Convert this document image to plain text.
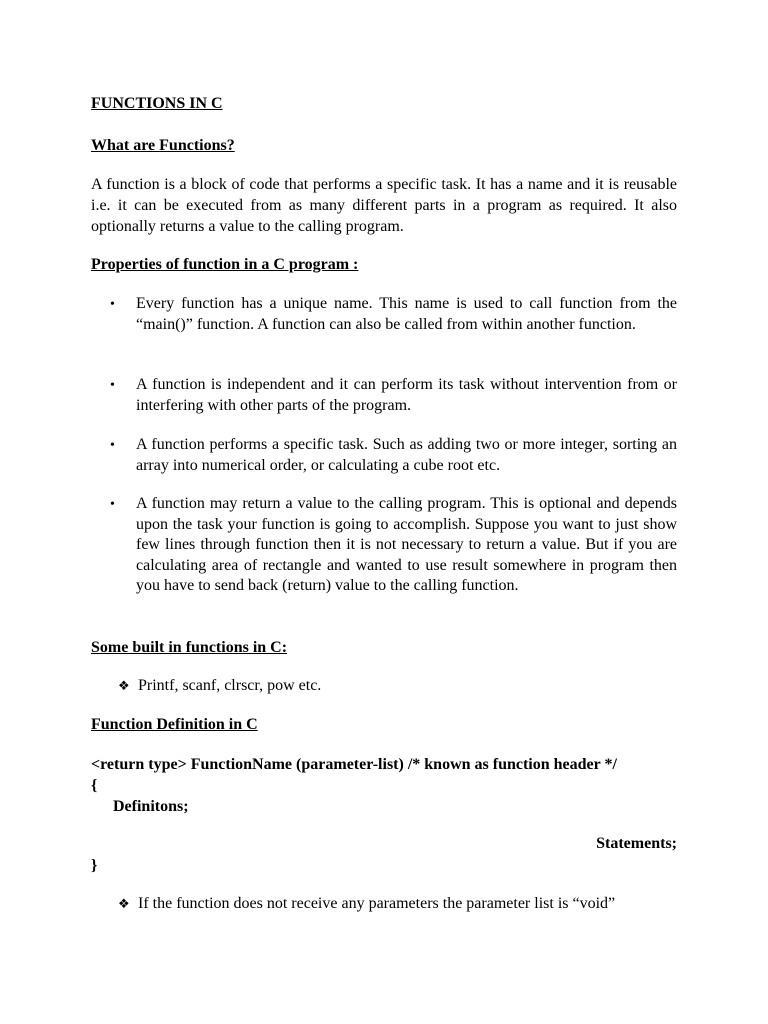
FUNCTIONS IN C
What are Functions?
A function is a block of code that performs a specific task. It has a name and it is reusable i.e. it can be executed from as many different parts in a program as required. It also optionally returns a value to the calling program.
Properties of function in a C program :
•	Every function has a unique name. This name is used to call function from the “main()” function. A function can also be called from within another function.
•	A function is independent and it can perform its task without intervention from or interfering with other parts of the program.
•	A function performs a specific task. Such as adding two or more integer, sorting an array into numerical order, or calculating a cube root etc.
•	A function may return a value to the calling program. This is optional and depends upon the task your function is going to accomplish. Suppose you want to just show few lines through function then it is not necessary to return a value. But if you are calculating area of rectangle and wanted to use result somewhere in program then you have to send back (return) value to the calling function.
Some built in functions in C:
❖ Printf, scanf, clrscr, pow etc.
Function Definition in C
<return type> FunctionName (parameter-list) /* known as function header */
{
Definitons;
Statements;
}
❖ If the function does not receive any parameters the parameter list is “void”
